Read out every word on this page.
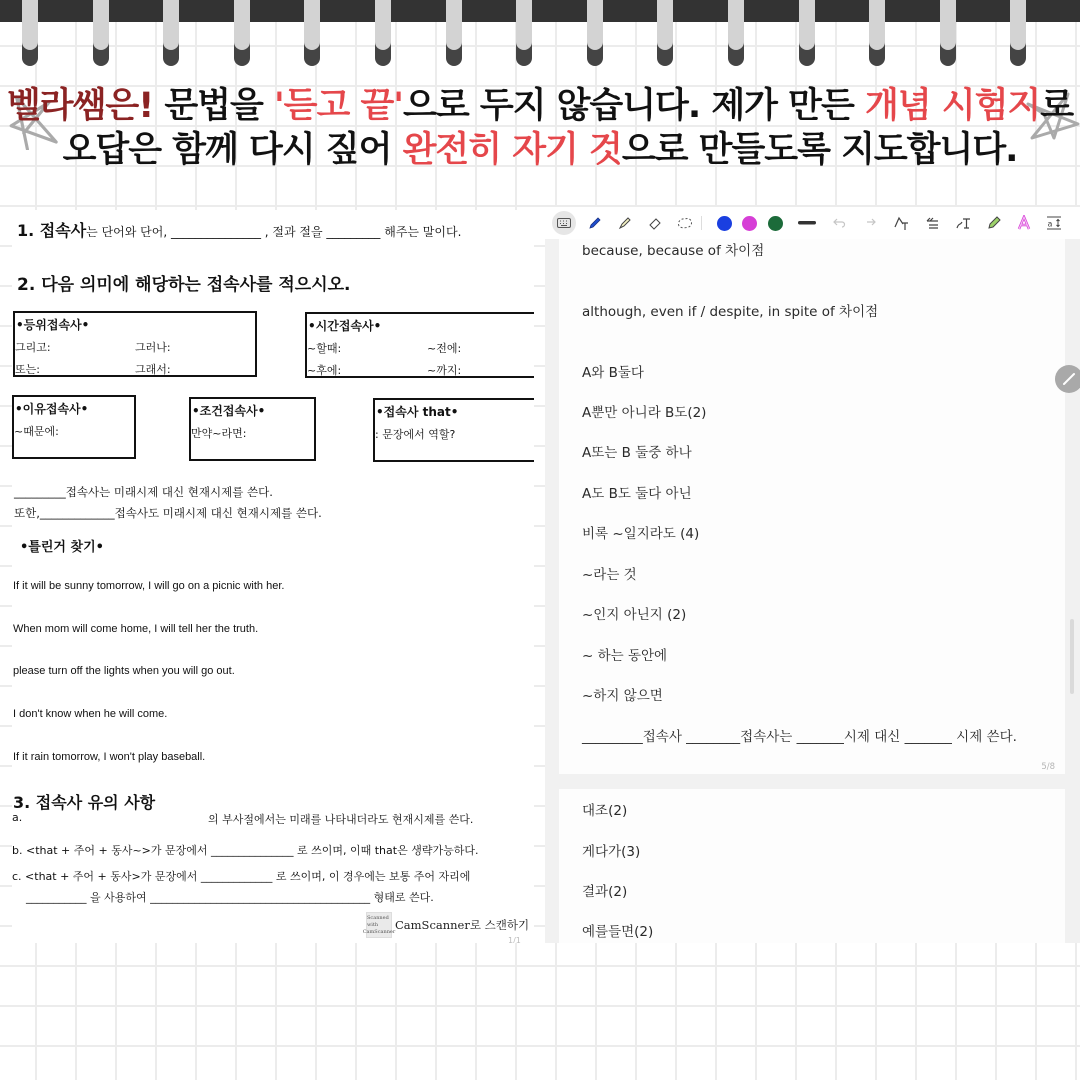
벨라쌤은! 문법을 '듣고 끝'으로 두지 않습니다. 제가 만든 개념 시험지로
오답은 함께 다시 짚어 완전히 자기 것으로 만들도록 지도합니다.
1. 접속사는 단어와 단어, _______________ , 절과 절을 _________ 해주는 말이다.
2. 다음 의미에 해당하는 접속사를 적으시오.
•등위접속사•
그리고:	그러나:
또는:	그래서:
•시간접속사•
~할때:	~전에:
~후에:	~까지:
•이유접속사•
~때문에:
•조건접속사•
만약~라면:
•접속사 that•
: 문장에서 역할?
_________접속사는 미래시제 대신 현재시제를 쓴다.
또한,_____________접속사도 미래시제 대신 현재시제를 쓴다.
•틀린거 찾기•
If it will be sunny tomorrow, I will go on a picnic with her.
When mom will come home, I will tell her the truth.
please turn off the lights when you will go out.
I don't know when he will come.
If it rain tomorrow, I won't play baseball.
3. 접속사 유의 사항
a.	의 부사절에서는 미래를 나타내더라도 현재시제를 쓴다.
b. <that + 주어 + 동사~>가 문장에서 _______________ 로 쓰이며, 이때 that은 생략가능하다.
c. <that + 주어 + 동사>가 문장에서 _____________ 로 쓰이며, 이 경우에는 보통 주어 자리에
___________ 을 사용하여 ________________________________________ 형태로 쓴다.
Scanned with
CamScanner CamScanner로 스캔하기
1/1
because, because of 차이점
although, even if / despite, in spite of 차이점
A와 B둘다
A뿐만 아니라 B도(2)
A또는 B 둘중 하나
A도 B도 둘다 아닌
비록 ~일지라도 (4)
~라는 것
~인지 아닌지 (2)
~ 하는 동안에
~하지 않으면
_________접속사 ________접속사는 _______시제 대신 _______ 시제 쓴다.
5/8
대조(2)
게다가(3)
결과(2)
예를들면(2)
a
